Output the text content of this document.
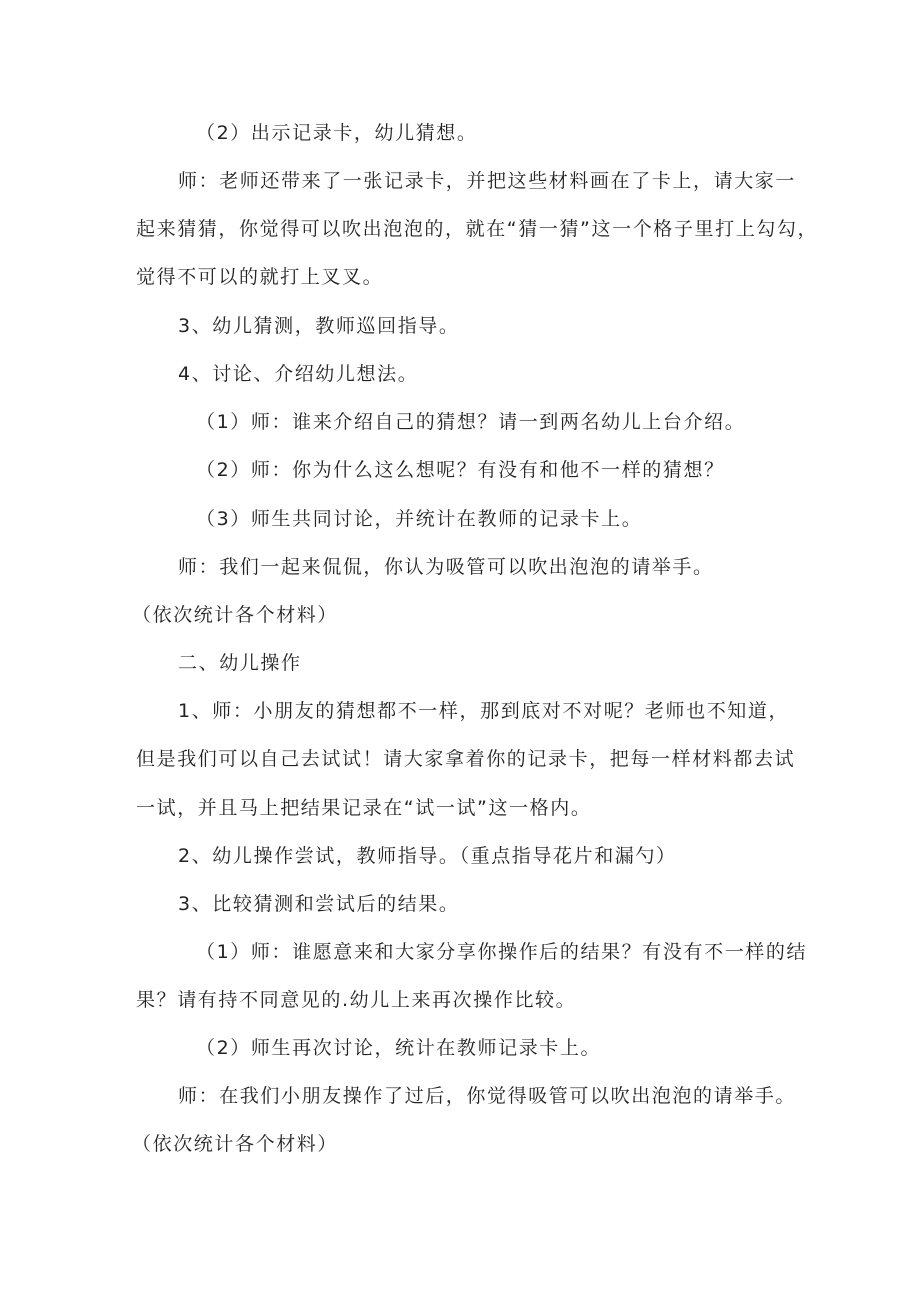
（2）出示记录卡，幼儿猜想。
师：老师还带来了一张记录卡，并把这些材料画在了卡上，请大家一
起来猜猜，你觉得可以吹出泡泡的，就在“猜一猜”这一个格子里打上勾勾，
觉得不可以的就打上叉叉。
3、幼儿猜测，教师巡回指导。
4、讨论、介绍幼儿想法。
（1）师：谁来介绍自己的猜想？请一到两名幼儿上台介绍。
（2）师：你为什么这么想呢？有没有和他不一样的猜想？
（3）师生共同讨论，并统计在教师的记录卡上。
师：我们一起来侃侃，你认为吸管可以吹出泡泡的请举手。
（依次统计各个材料）
二、幼儿操作
1、师：小朋友的猜想都不一样，那到底对不对呢？老师也不知道，
但是我们可以自己去试试！请大家拿着你的记录卡，把每一样材料都去试
一试，并且马上把结果记录在“试一试”这一格内。
2、幼儿操作尝试，教师指导。（重点指导花片和漏勺）
3、比较猜测和尝试后的结果。
（1）师：谁愿意来和大家分享你操作后的结果？有没有不一样的结
果？请有持不同意见的.幼儿上来再次操作比较。
（2）师生再次讨论，统计在教师记录卡上。
师：在我们小朋友操作了过后，你觉得吸管可以吹出泡泡的请举手。
（依次统计各个材料）
